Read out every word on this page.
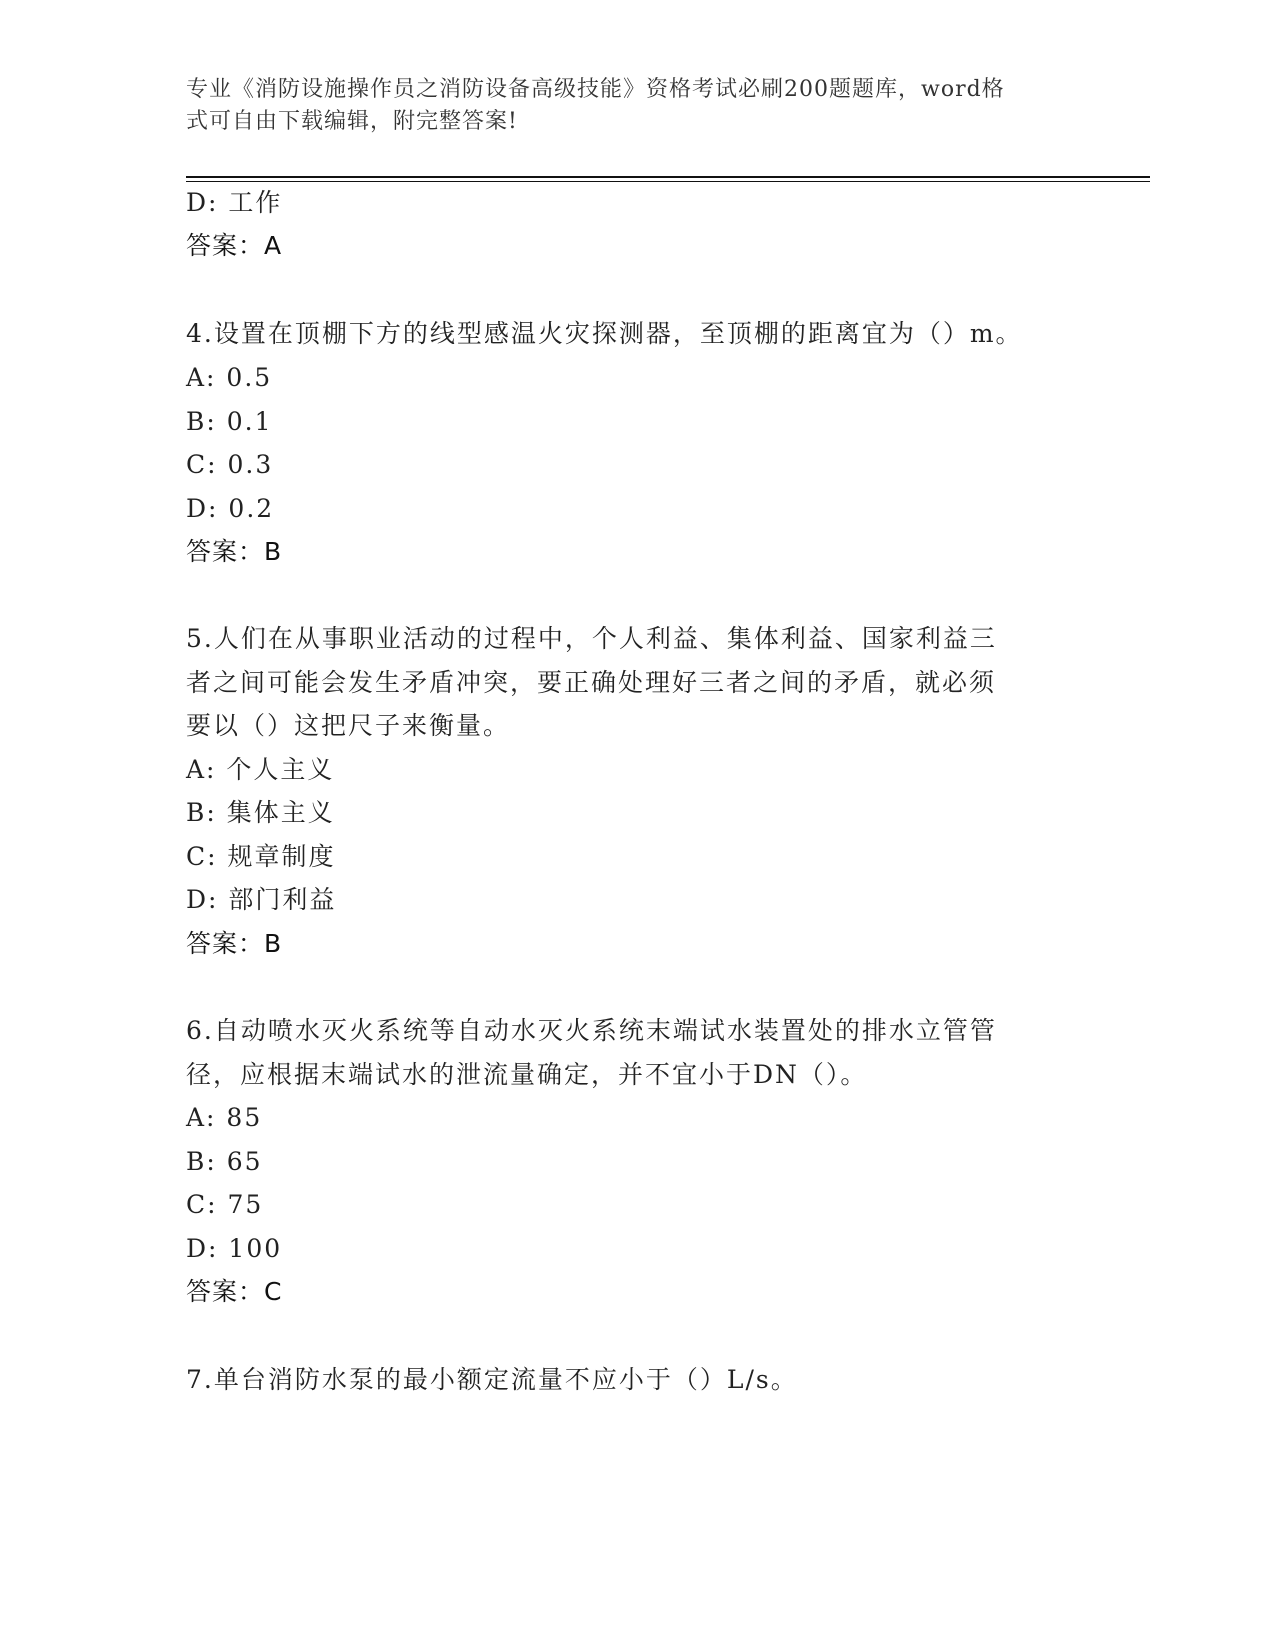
专业《消防设施操作员之消防设备高级技能》资格考试必刷200题题库，word格
式可自由下载编辑，附完整答案!
D: 工作
答案：A
4.设置在顶棚下方的线型感温火灾探测器，至顶棚的距离宜为（）m。
A: 0.5
B: 0.1
C: 0.3
D: 0.2
答案：B
5.人们在从事职业活动的过程中，个人利益、集体利益、国家利益三
者之间可能会发生矛盾冲突，要正确处理好三者之间的矛盾，就必须
要以（）这把尺子来衡量。
A: 个人主义
B: 集体主义
C: 规章制度
D: 部门利益
答案：B
6.自动喷水灭火系统等自动水灭火系统末端试水装置处的排水立管管
径，应根据末端试水的泄流量确定，并不宜小于DN（）。
A: 85
B: 65
C: 75
D: 100
答案：C
7.单台消防水泵的最小额定流量不应小于（）L/s。
